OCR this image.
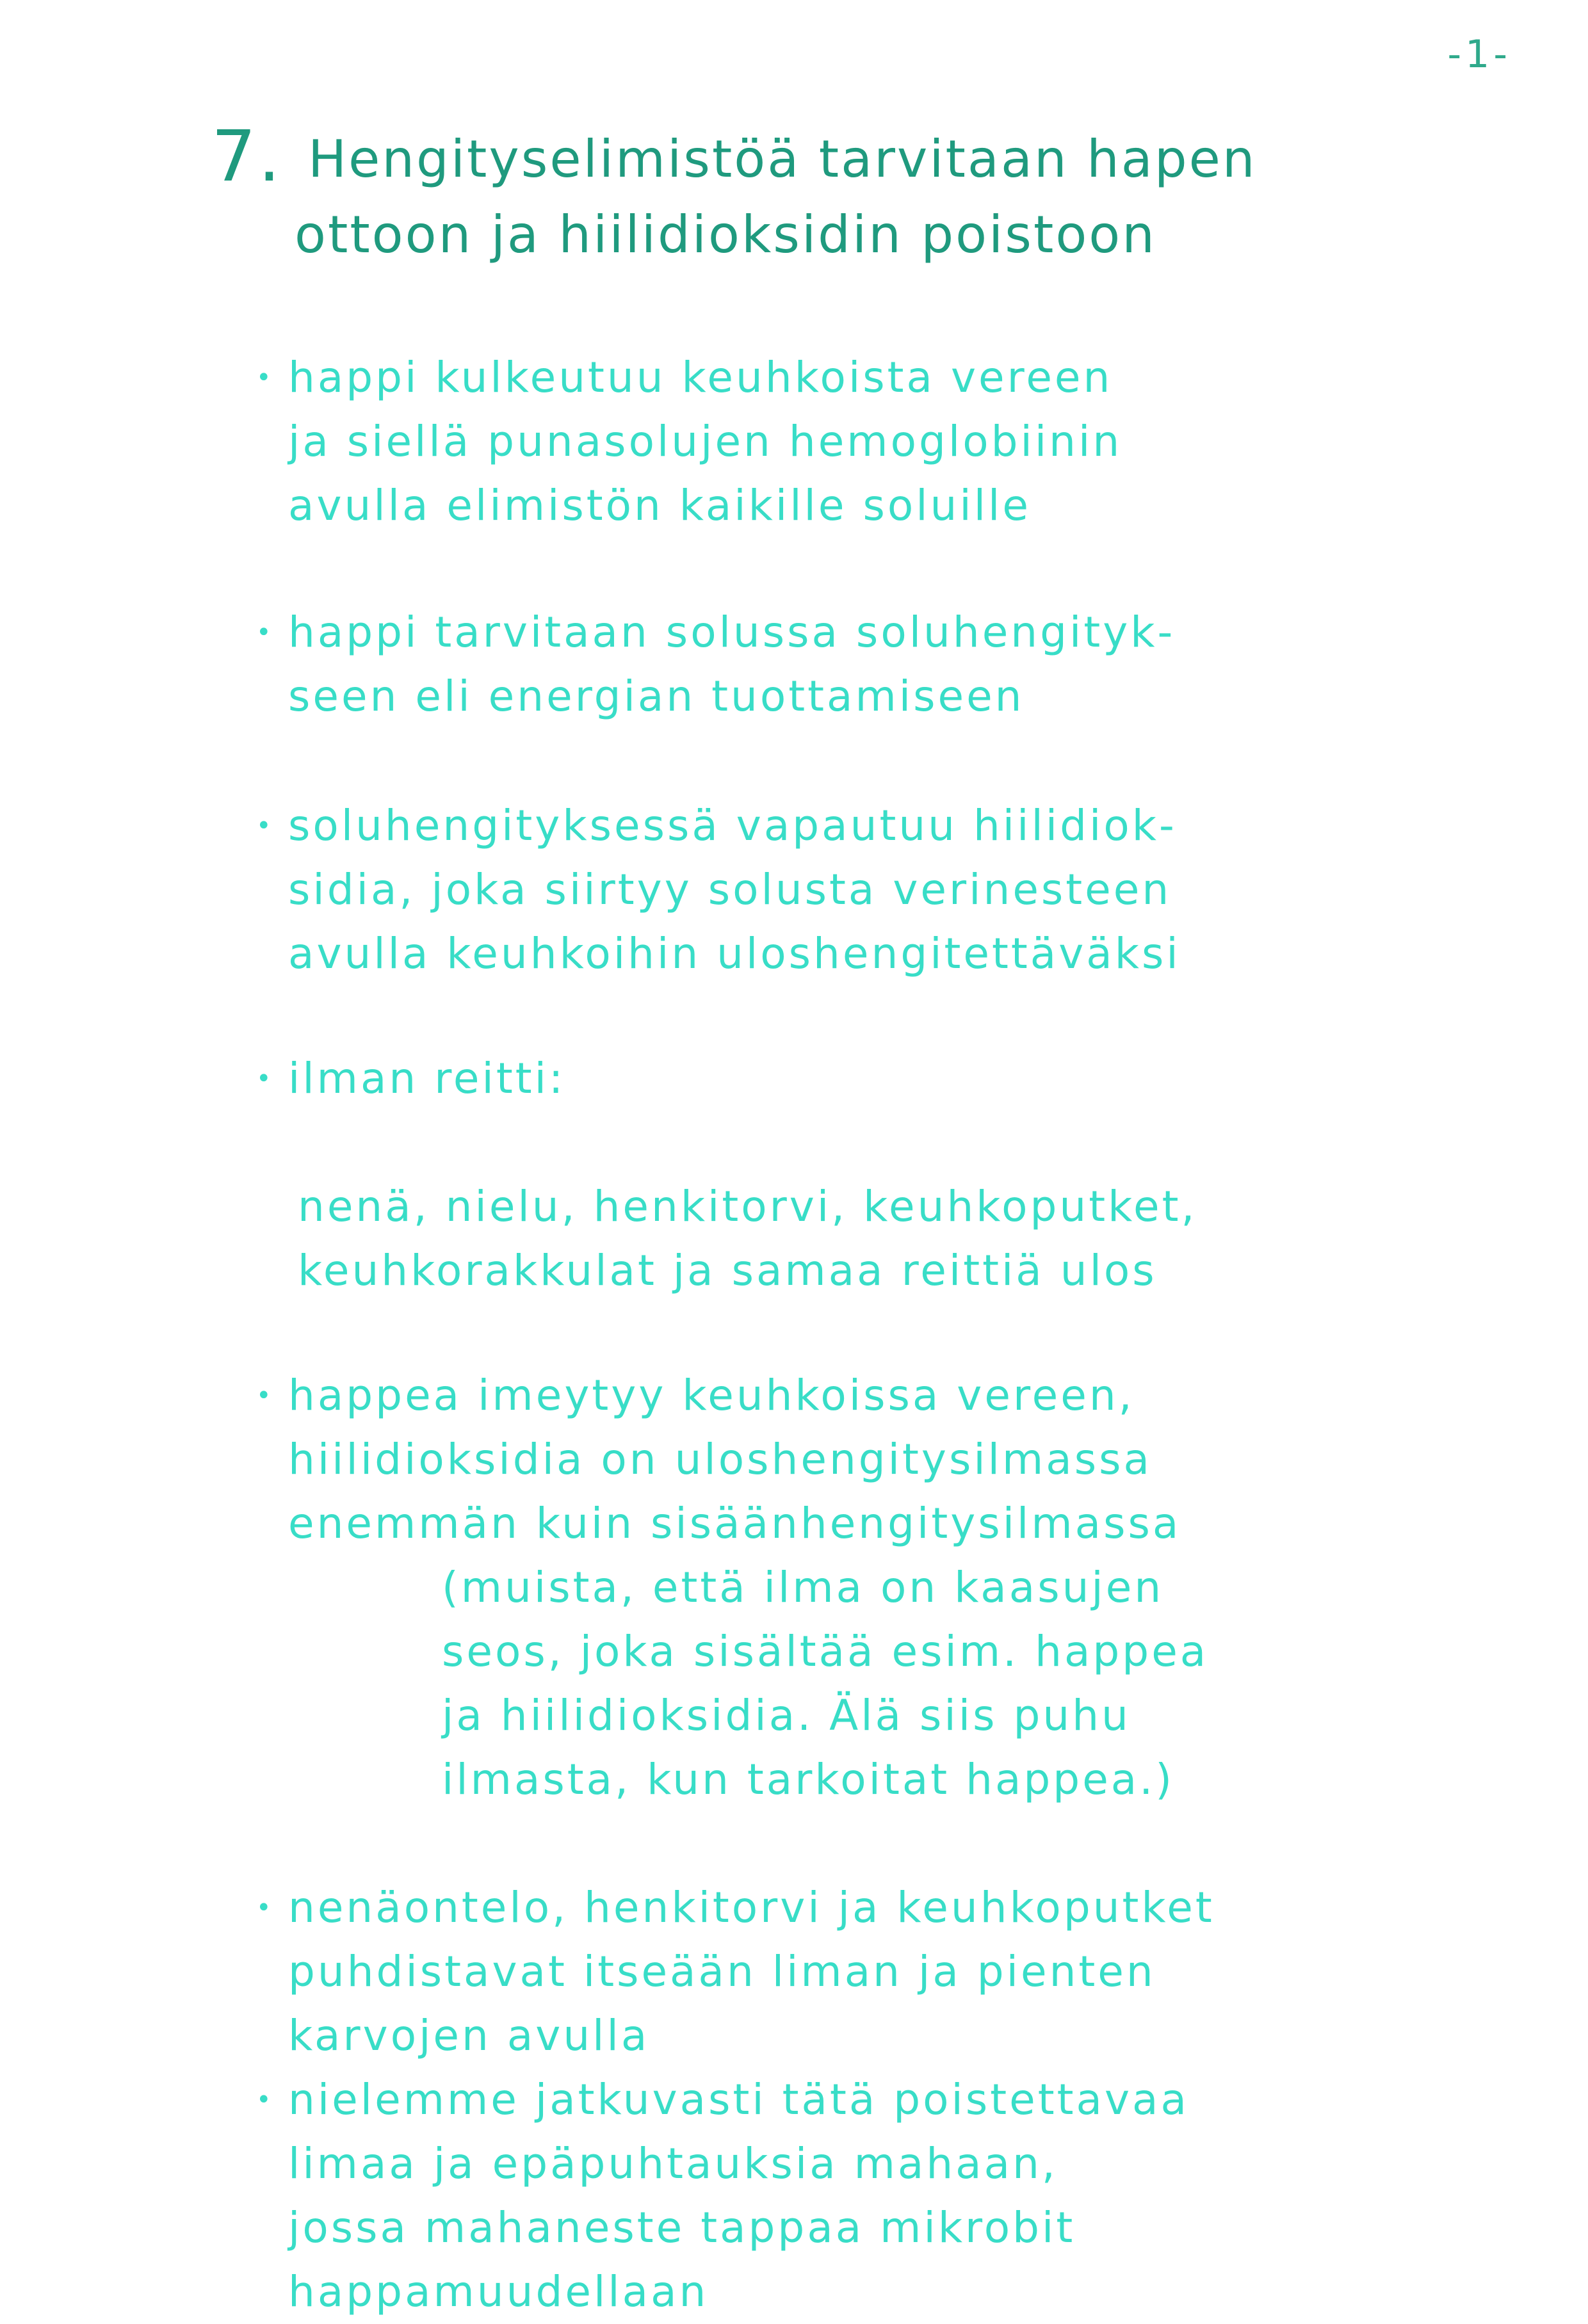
-1-
7. Hengityselimistöä tarvitaan hapen
ottoon ja hiilidioksidin poistoon
• happi kulkeutuu keuhkoista vereen
ja siellä punasolujen hemoglobiinin
avulla elimistön kaikille soluille
• happi tarvitaan solussa soluhengityk-
seen eli energian tuottamiseen
• soluhengityksessä vapautuu hiilidiok-
sidia, joka siirtyy solusta verinesteen
avulla keuhkoihin uloshengitettäväksi
• ilman reitti:
nenä, nielu, henkitorvi, keuhkoputket,
keuhkorakkulat ja samaa reittiä ulos
• happea imeytyy keuhkoissa vereen,
hiilidioksidia on uloshengitysilmassa
enemmän kuin sisäänhengitysilmassa
(muista, että ilma on kaasujen
seos, joka sisältää esim. happea
ja hiilidioksidia. Älä siis puhu
ilmasta, kun tarkoitat happea.)
• nenäontelo, henkitorvi ja keuhkoputket
puhdistavat itseään liman ja pienten
karvojen avulla
• nielemme jatkuvasti tätä poistettavaa
limaa ja epäpuhtauksia mahaan,
jossa mahaneste tappaa mikrobit
happamuudellaan
